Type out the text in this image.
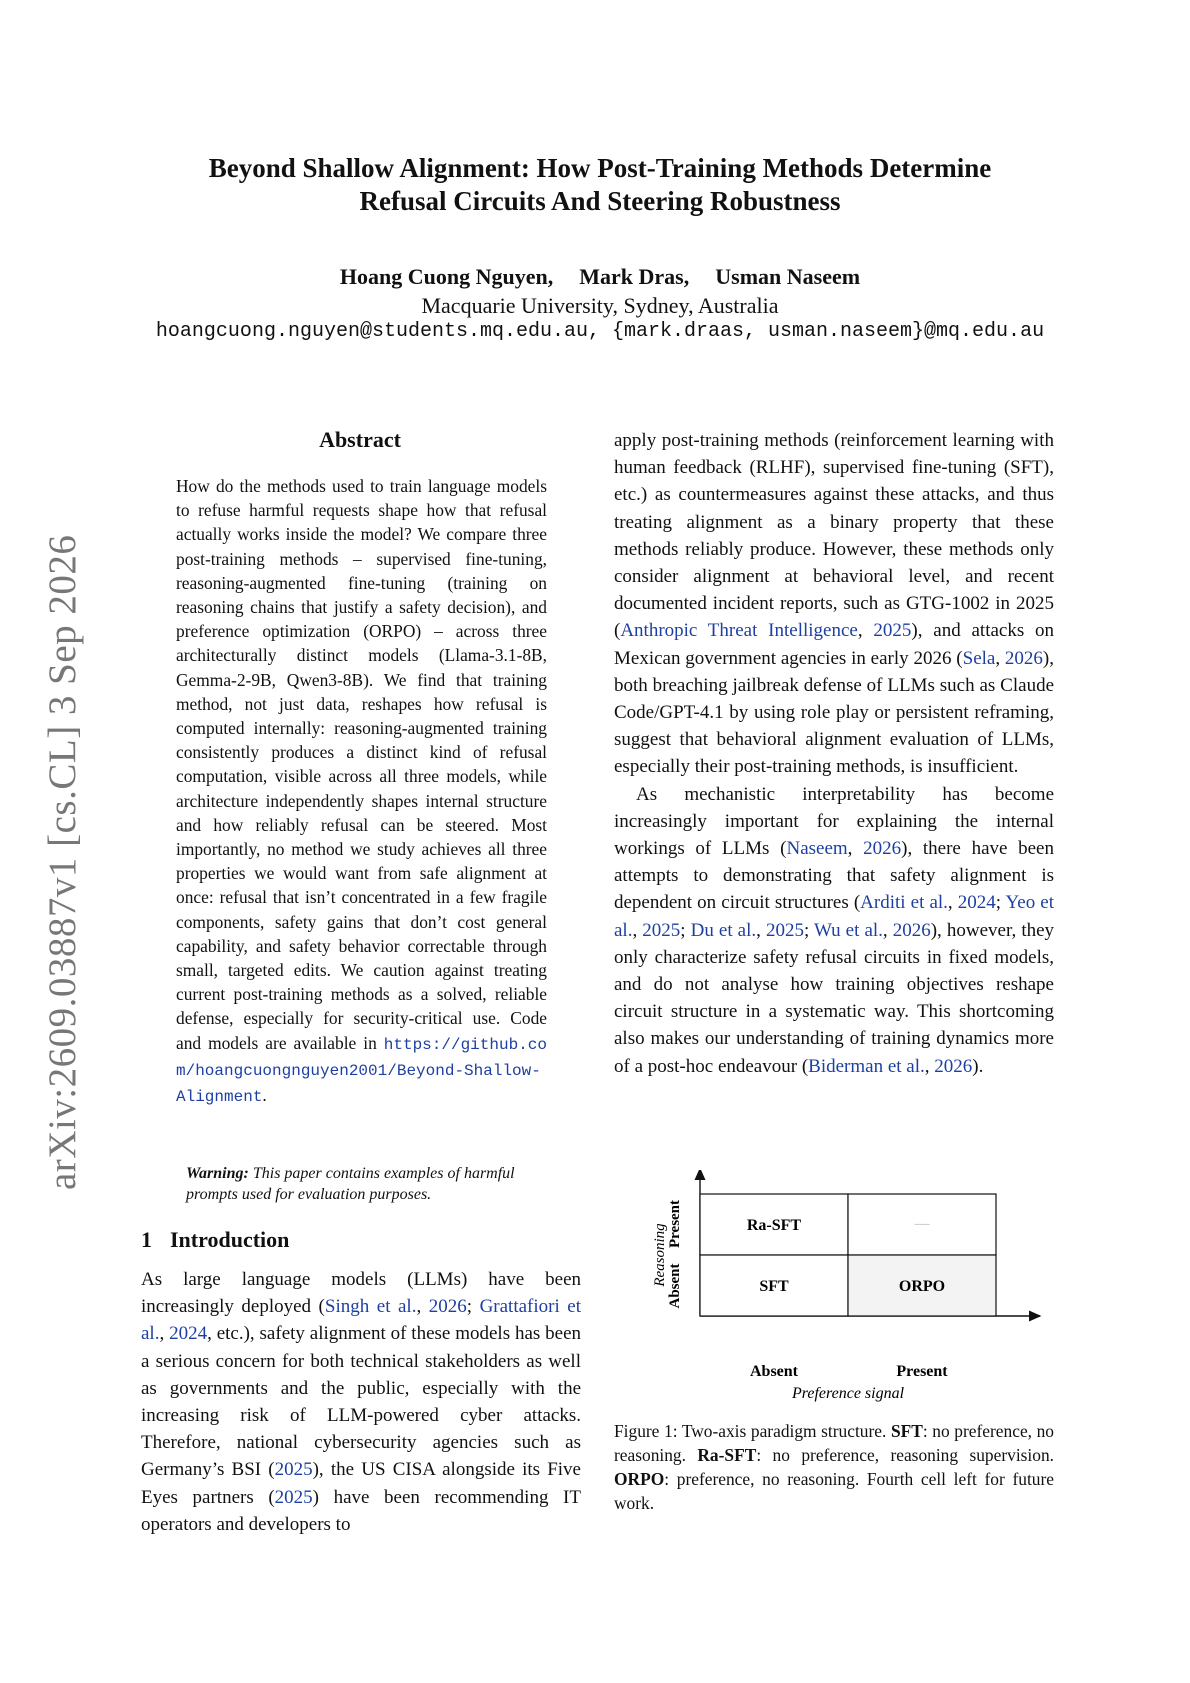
arXiv:2609.03887v1 [cs.CL] 3 Sep 2026
Beyond Shallow Alignment: How Post-Training Methods Determine
Refusal Circuits And Steering Robustness
Hoang Cuong Nguyen, Mark Dras, Usman Naseem
Macquarie University, Sydney, Australia
hoangcuong.nguyen@students.mq.edu.au, {mark.draas, usman.naseem}@mq.edu.au
Abstract
How do the methods used to train language models to refuse harmful requests shape how that refusal actually works inside the model? We compare three post-training methods – supervised fine-tuning, reasoning-augmented fine-tuning (training on reasoning chains that justify a safety decision), and preference optimization (ORPO) – across three architecturally distinct models (Llama-3.1-8B, Gemma-2-9B, Qwen3-8B). We find that training method, not just data, reshapes how refusal is computed internally: reasoning-augmented training consistently produces a distinct kind of refusal computation, visible across all three models, while architecture independently shapes internal structure and how reliably refusal can be steered. Most importantly, no method we study achieves all three properties we would want from safe alignment at once: refusal that isn’t concentrated in a few fragile components, safety gains that don’t cost general capability, and safety behavior correctable through small, targeted edits. We caution against treating current post-training methods as a solved, reliable defense, especially for security-critical use. Code and models are available in https://github.com/hoangcuongnguyen2001/Beyond-Shallow-Alignment.
Warning: This paper contains examples of harmful prompts used for evaluation purposes.
1 Introduction

As large language models (LLMs) have been increasingly deployed (Singh et al., 2026; Grattafiori et al., 2024, etc.), safety alignment of these models has been a serious concern for both technical stakeholders as well as governments and the public, especially with the increasing risk of LLM-powered cyber attacks. Therefore, national cybersecurity agencies such as Germany’s BSI (2025), the US CISA alongside its Five Eyes partners (2025) have been recommending IT operators and developers to

apply post-training methods (reinforcement learning with human feedback (RLHF), supervised fine-tuning (SFT), etc.) as countermeasures against these attacks, and thus treating alignment as a binary property that these methods reliably produce. However, these methods only consider alignment at behavioral level, and recent documented incident reports, such as GTG-1002 in 2025 (Anthropic Threat Intelligence, 2025), and attacks on Mexican government agencies in early 2026 (Sela, 2026), both breaching jailbreak defense of LLMs such as Claude Code/GPT-4.1 by using role play or persistent reframing, suggest that behavioral alignment evaluation of LLMs, especially their post-training methods, is insufficient.

As mechanistic interpretability has become increasingly important for explaining the internal workings of LLMs (Naseem, 2026), there have been attempts to demonstrating that safety alignment is dependent on circuit structures (Arditi et al., 2024; Yeo et al., 2025; Du et al., 2025; Wu et al., 2026), however, they only characterize safety refusal circuits in fixed models, and do not analyse how training objectives reshape circuit structure in a systematic way. This shortcoming also makes our understanding of training dynamics more of a post-hoc endeavour (Biderman et al., 2026).

Ra-SFT	—
SFT	ORPO
Present
Absent
Reasoning
Absent	Present
Preference signal
Figure 1: Two-axis paradigm structure. SFT: no preference, no reasoning. Ra-SFT: no preference, reasoning supervision. ORPO: preference, no reasoning. Fourth cell left for future work.
